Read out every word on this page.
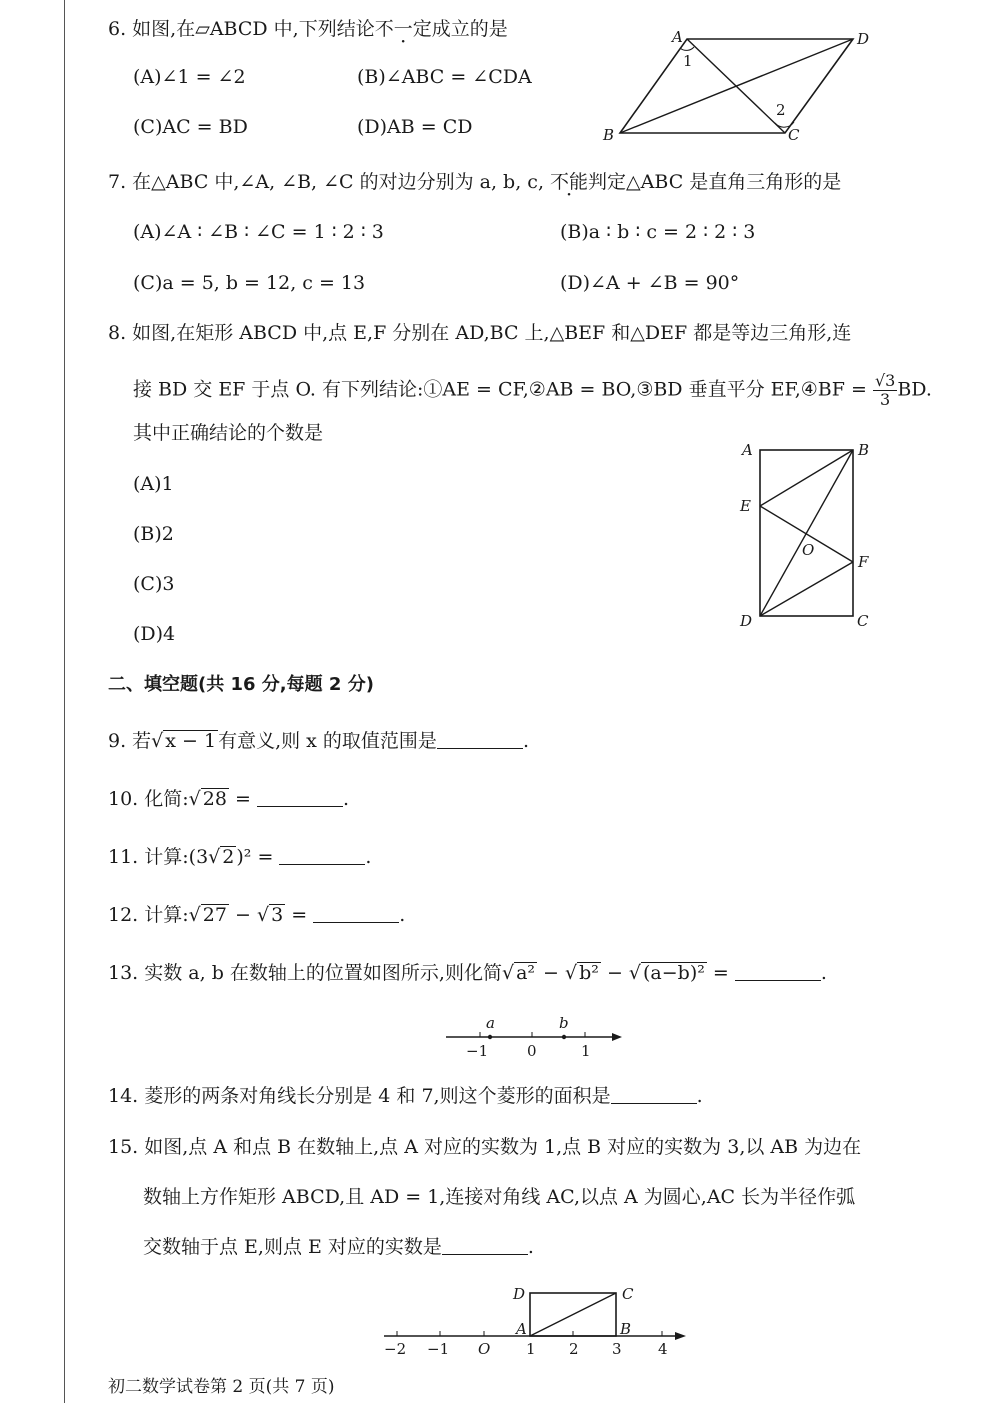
6. 如图,在▱ABCD 中,下列结论不一定成立的是
(A)∠1 = ∠2	(B)∠ABC = ∠CDA
(C)AC = BD	(D)AB = CD
A	D
B	C
1
2
7. 在△ABC 中,∠A, ∠B, ∠C 的对边分别为 a, b, c, 不能判定△ABC 是直角三角形的是
(A)∠A ∶ ∠B ∶ ∠C = 1 ∶ 2 ∶ 3	(B)a ∶ b ∶ c = 2 ∶ 2 ∶ 3
(C)a = 5, b = 12, c = 13	(D)∠A + ∠B = 90°
8. 如图,在矩形 ABCD 中,点 E,F 分别在 AD,BC 上,△BEF 和△DEF 都是等边三角形,连
接 BD 交 EF 于点 O. 有下列结论:①AE = CF,②AB = BO,③BD 垂直平分 EF,④BF = $\frac{√3}{3}$ BD.
其中正确结论的个数是
(A)1
(B)2
(C)3
(D)4
A	B
E
O
F
D	C
二、填空题(共 16 分,每题 2 分)
9. 若√ x − 1 有意义,则 x 的取值范围是	.
10. 化简:√ 28 =	.
11. 计算:(3√ 2 )² =	.
12. 计算:√ 27 − √ 3 =	.
13. 实数 a, b 在数轴上的位置如图所示,则化简√ a² − √ b² − √ (a−b)² =	.
a	b
−1	0	1
14. 菱形的两条对角线长分别是 4 和 7,则这个菱形的面积是	.
15. 如图,点 A 和点 B 在数轴上,点 A 对应的实数为 1,点 B 对应的实数为 3,以 AB 为边在
数轴上方作矩形 ABCD,且 AD = 1,连接对角线 AC,以点 A 为圆心,AC 长为半径作弧
交数轴于点 E,则点 E 对应的实数是	.
D	C
A	B
O
−2 −1	1 2 3 4
初二数学试卷第 2 页(共 7 页)
